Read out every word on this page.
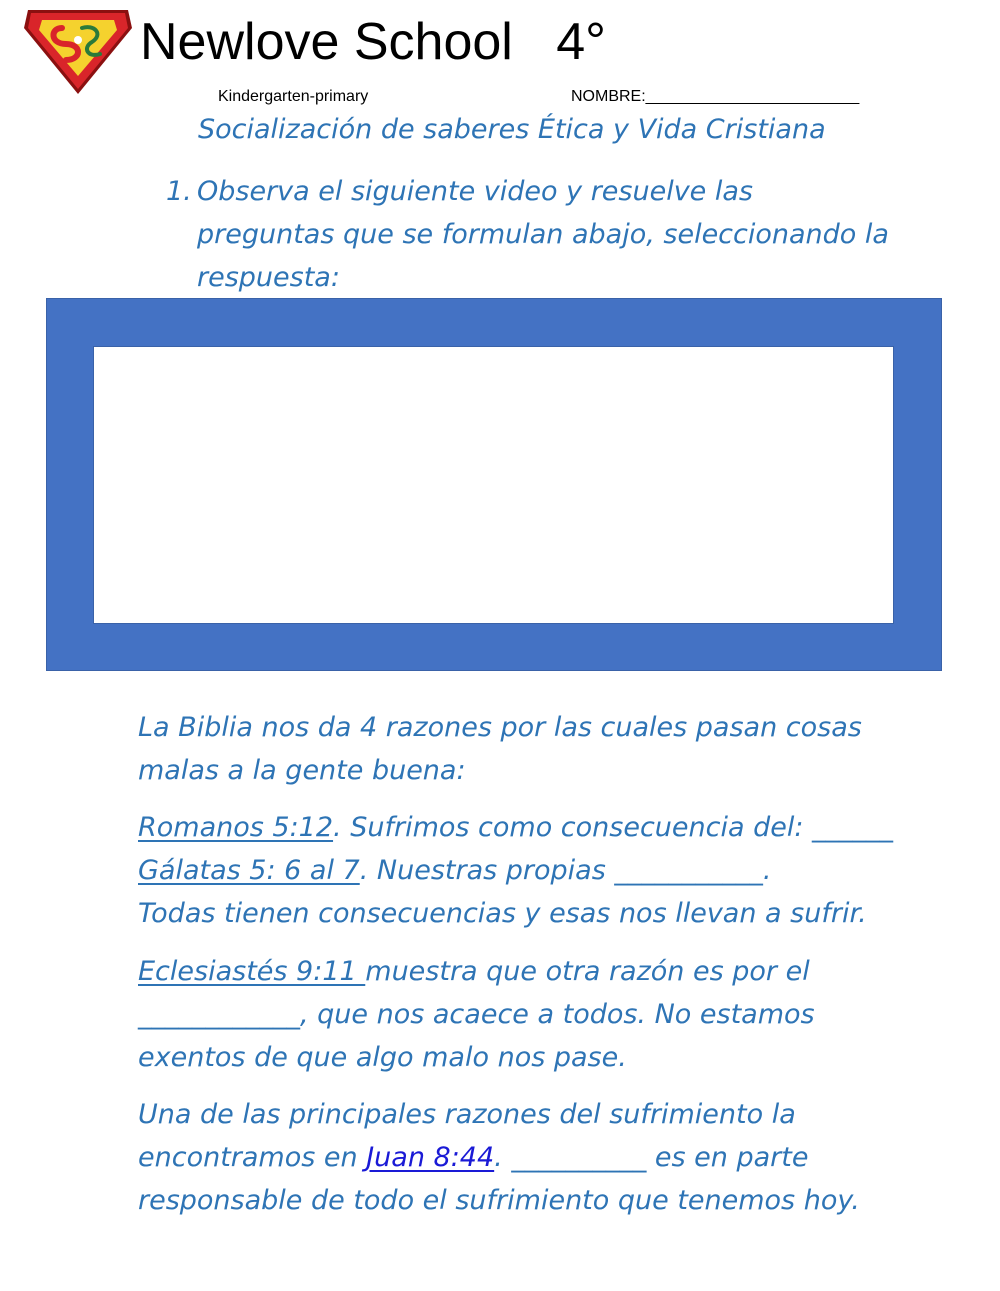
Newlove School   4°
Kindergarten-primary	NOMBRE:________________________
Socialización de saberes Ética y Vida Cristiana
1. Observa el siguiente video y resuelve las
preguntas que se formulan abajo, seleccionando la
respuesta:
La Biblia nos da 4 razones por las cuales pasan cosas
malas a la gente buena:
Romanos 5:12. Sufrimos como consecuencia del: ______
Gálatas 5: 6 al 7. Nuestras propias ___________.
Todas tienen consecuencias y esas nos llevan a sufrir.
Eclesiastés 9:11 muestra que otra razón es por el
____________, que nos acaece a todos. No estamos
exentos de que algo malo nos pase.
Una de las principales razones del sufrimiento la
encontramos en Juan 8:44. __________ es en parte
responsable de todo el sufrimiento que tenemos hoy.
